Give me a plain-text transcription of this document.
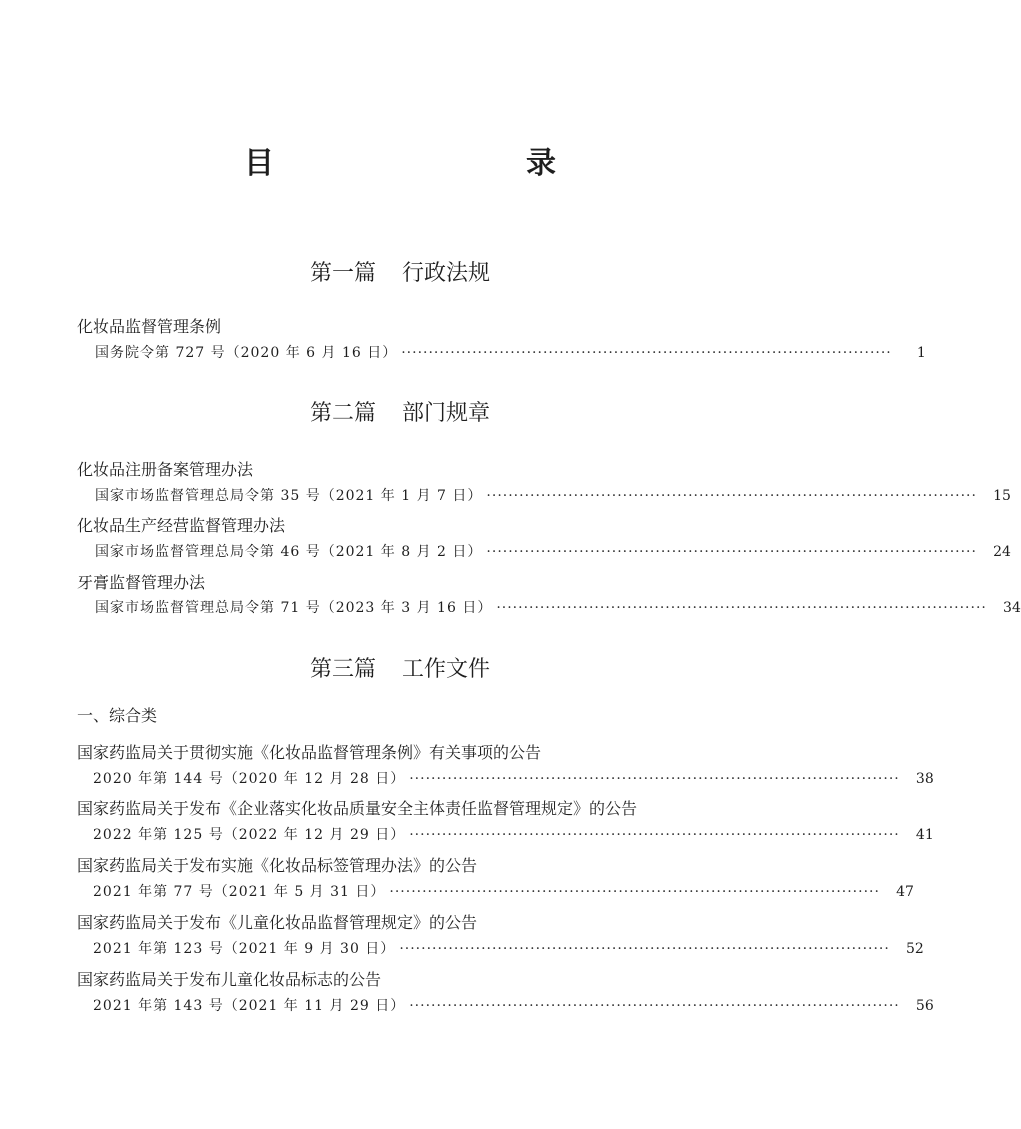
目　　录
第一篇 行政法规
化妆品监督管理条例
国务院令第 727 号（2020 年 6 月 16 日） ··························································································	1
第二篇 部门规章
化妆品注册备案管理办法
国家市场监督管理总局令第 35 号（2021 年 1 月 7 日） ··························································································	15
化妆品生产经营监督管理办法
国家市场监督管理总局令第 46 号（2021 年 8 月 2 日） ··························································································	24
牙膏监督管理办法
国家市场监督管理总局令第 71 号（2023 年 3 月 16 日） ··························································································	34
第三篇 工作文件
一、综合类
国家药监局关于贯彻实施《化妆品监督管理条例》有关事项的公告
2020 年第 144 号（2020 年 12 月 28 日） ··························································································	38
国家药监局关于发布《企业落实化妆品质量安全主体责任监督管理规定》的公告
2022 年第 125 号（2022 年 12 月 29 日） ··························································································	41
国家药监局关于发布实施《化妆品标签管理办法》的公告
2021 年第 77 号（2021 年 5 月 31 日） ··························································································	47
国家药监局关于发布《儿童化妆品监督管理规定》的公告
2021 年第 123 号（2021 年 9 月 30 日） ··························································································	52
国家药监局关于发布儿童化妆品标志的公告
2021 年第 143 号（2021 年 11 月 29 日） ··························································································	56
